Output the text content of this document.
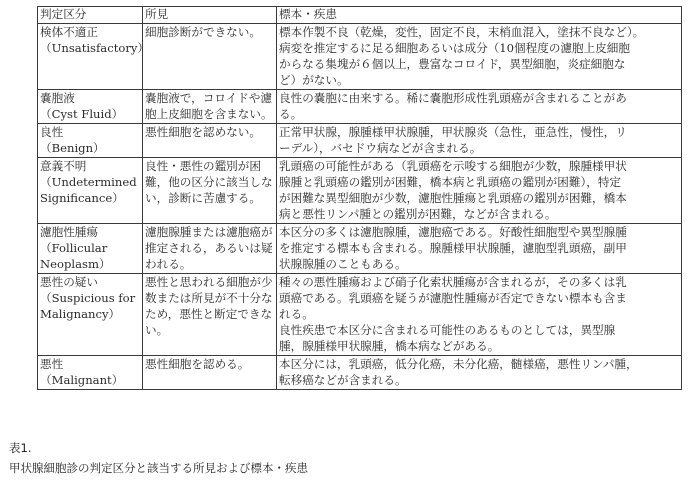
判定区分	所見	標本・疾患

検体不適正
（Unsatisfactory）	細胞診断ができない。	標本作製不良（乾燥，変性，固定不良，末梢血混入，塗抹不良など）。
病変を推定するに足る細胞あるいは成分（10個程度の濾胞上皮細胞
からなる集塊が６個以上，豊富なコロイド，異型細胞，炎症細胞な
ど）がない。

嚢胞液
（Cyst Fluid）	嚢胞液で，コロイドや濾
胞上皮細胞を含まない。	良性の嚢胞に由来する。稀に嚢胞形成性乳頭癌が含まれることがあ
る。

良性
（Benign）	悪性細胞を認めない。	正常甲状腺，腺腫様甲状腺腫，甲状腺炎（急性，亜急性，慢性，リ
ーデル），バセドウ病などが含まれる。

意義不明
（Undetermined
Significance）	良性・悪性の鑑別が困
難，他の区分に該当しな
い，診断に苦慮する。	乳頭癌の可能性がある（乳頭癌を示唆する細胞が少数，腺腫様甲状
腺腫と乳頭癌の鑑別が困難，橋本病と乳頭癌の鑑別が困難），特定
が困難な異型細胞が少数，濾胞性腫瘍と乳頭癌の鑑別が困難，橋本
病と悪性リンパ腫との鑑別が困難，などが含まれる。

濾胞性腫瘍
（Follicular
Neoplasm）	濾胞腺腫または濾胞癌が
推定される，あるいは疑
われる。	本区分の多くは濾胞腺腫，濾胞癌である。好酸性細胞型や異型腺腫
を推定する標本も含まれる。腺腫様甲状腺腫，濾胞型乳頭癌，副甲
状腺腺腫のこともある。

悪性の疑い
（Suspicious for
Malignancy）	悪性と思われる細胞が少
数または所見が不十分な
ため，悪性と断定できな
い。	種々の悪性腫瘍および硝子化索状腫瘍が含まれるが，その多くは乳
頭癌である。乳頭癌を疑うが濾胞性腫瘍が否定できない標本も含ま
れる。
良性疾患で本区分に含まれる可能性のあるものとしては，異型腺
腫，腺腫様甲状腺腫，橋本病などがある。

悪性
（Malignant）	悪性細胞を認める。	本区分には，乳頭癌，低分化癌，未分化癌，髄様癌，悪性リンパ腫，
転移癌などが含まれる。
表1.
甲状腺細胞診の判定区分と該当する所見および標本・疾患
